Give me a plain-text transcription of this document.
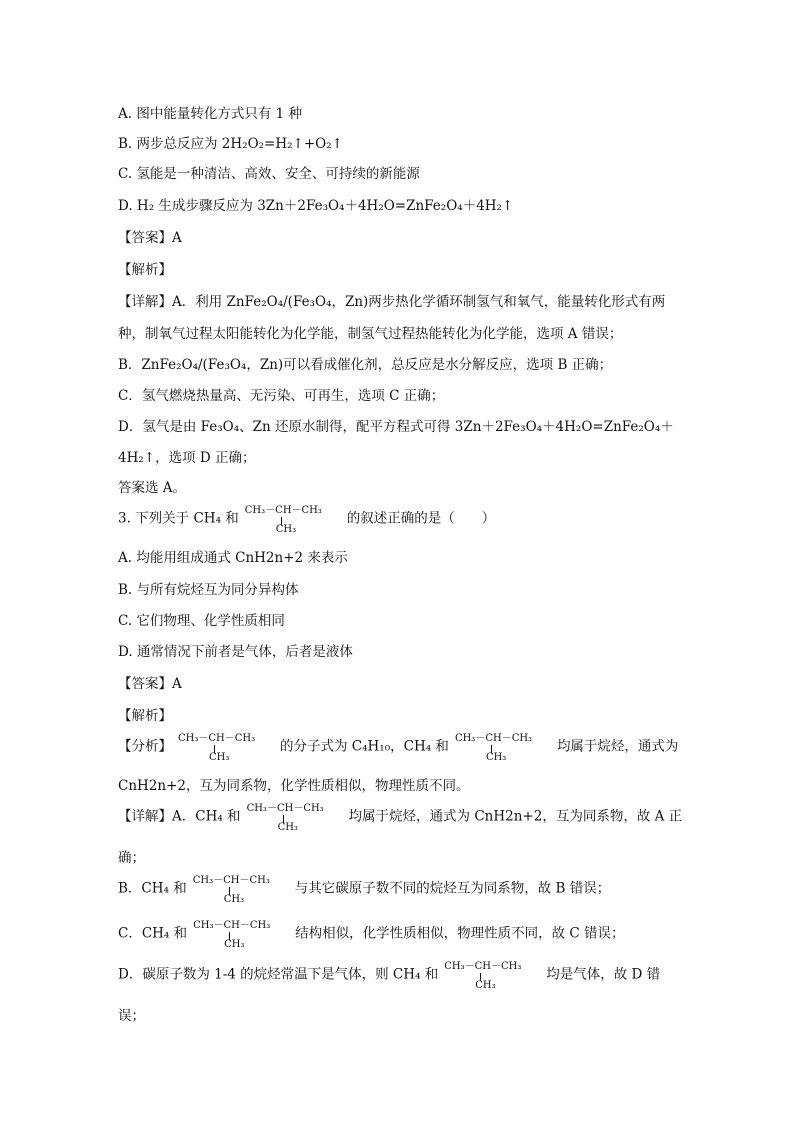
A. 图中能量转化方式只有 1 种
B. 两步总反应为 2H₂O₂=H₂↑+O₂↑
C. 氢能是一种清洁、高效、安全、可持续的新能源
D. H₂ 生成步骤反应为 3Zn＋2Fe₃O₄＋4H₂O=ZnFe₂O₄＋4H₂↑
【答案】A
【解析】
【详解】A．利用 ZnFe₂O₄/(Fe₃O₄，Zn)两步热化学循环制氢气和氧气，能量转化形式有两
种，制氧气过程太阳能转化为化学能，制氢气过程热能转化为化学能，选项 A 错误；
B．ZnFe₂O₄/(Fe₃O₄，Zn)可以看成催化剂，总反应是水分解反应，选项 B 正确；
C．氢气燃烧热量高、无污染、可再生，选项 C 正确；
D．氢气是由 Fe₃O₄、Zn 还原水制得，配平方程式可得 3Zn＋2Fe₃O₄＋4H₂O=ZnFe₂O₄＋
4H₂↑，选项 D 正确；
答案选 A。
3. 下列关于 CH₄ 和 CH₃－CH－CH₃
CH₃
的叙述正确的是（　　）
A. 均能用组成通式 CnH2n+2 来表示
B. 与所有烷烃互为同分异构体
C. 它们物理、化学性质相同
D. 通常情况下前者是气体，后者是液体
【答案】A
【解析】
【分析】 CH₃－CH－CH₃
CH₃
的分子式为 C₄H₁₀，CH₄ 和 CH₃－CH－CH₃
CH₃
均属于烷烃，通式为
CnH2n+2，互为同系物，化学性质相似，物理性质不同。
【详解】A．CH₄ 和 CH₃－CH－CH₃
CH₃
均属于烷烃，通式为 CnH2n+2，互为同系物，故 A 正
确；
B．CH₄ 和 CH₃－CH－CH₃
CH₃
与其它碳原子数不同的烷烃互为同系物，故 B 错误；
C．CH₄ 和 CH₃－CH－CH₃
CH₃
结构相似，化学性质相似，物理性质不同，故 C 错误；
D．碳原子数为 1-4 的烷烃常温下是气体，则 CH₄ 和 CH₃－CH－CH₃
CH₃
均是气体，故 D 错
误；
